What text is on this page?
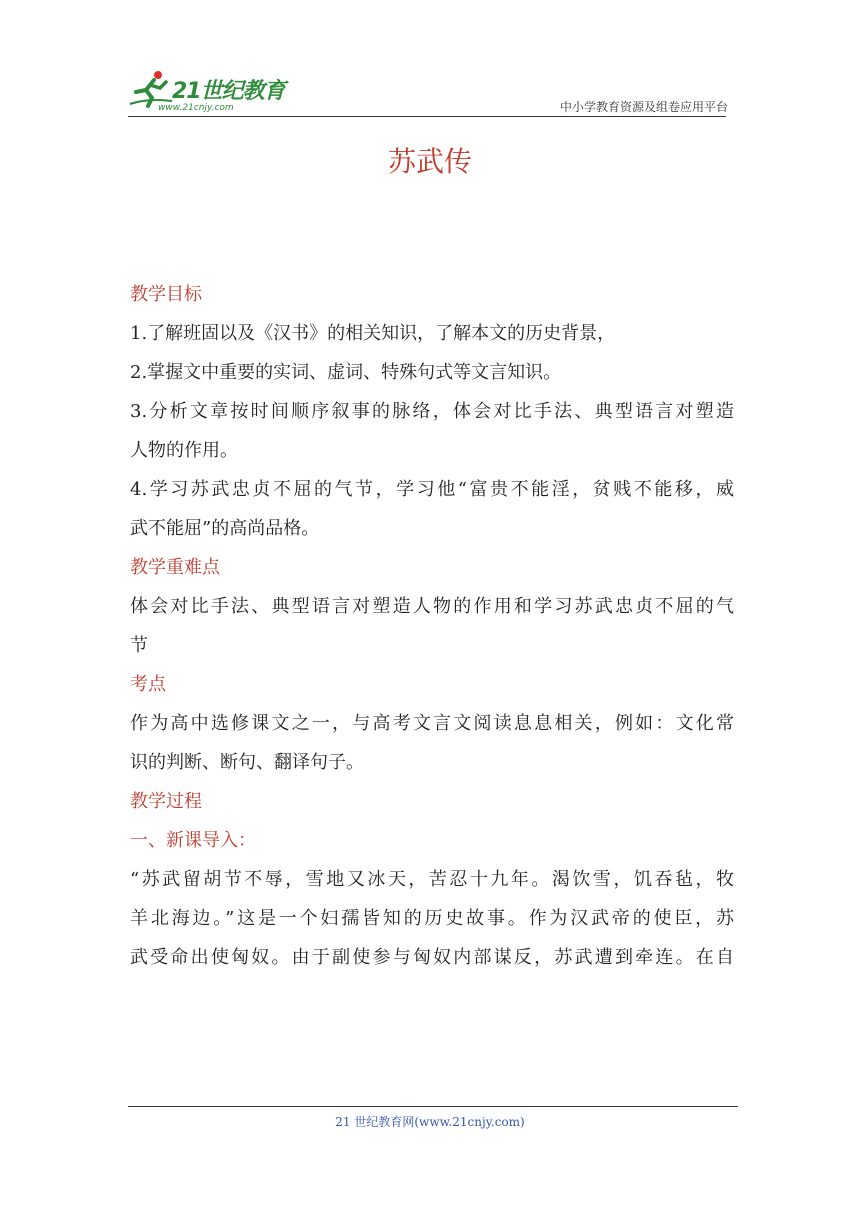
21世纪教育
www.21cnjy.com	中小学教育资源及组卷应用平台
苏武传
教学目标
1.了解班固以及《汉书》的相关知识，了解本文的历史背景，
2.掌握文中重要的实词、虚词、特殊句式等文言知识。
3.分析文章按时间顺序叙事的脉络，体会对比手法、典型语言对塑造
人物的作用。
4.学习苏武忠贞不屈的气节，学习他“富贵不能淫，贫贱不能移，威
武不能屈”的高尚品格。
教学重难点
体会对比手法、典型语言对塑造人物的作用和学习苏武忠贞不屈的气
节
考点
作为高中选修课文之一，与高考文言文阅读息息相关，例如：文化常
识的判断、断句、翻译句子。
教学过程
一、新课导入：
“苏武留胡节不辱，雪地又冰天，苦忍十九年。渴饮雪，饥吞毡，牧
羊北海边。”这是一个妇孺皆知的历史故事。作为汉武帝的使臣，苏
武受命出使匈奴。由于副使参与匈奴内部谋反，苏武遭到牵连。在自
21 世纪教育网(www.21cnjy.com)
